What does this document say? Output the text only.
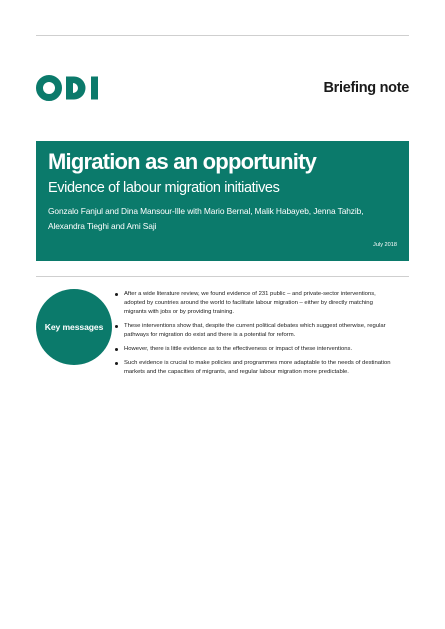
Briefing note
Migration as an opportunity
Evidence of labour migration initiatives
Gonzalo Fanjul and Dina Mansour-Ille with Mario Bernal, Malik Habayeb, Jenna Tahzib, Alexandra Tieghi and Ami Saji
July 2018
Key messages
After a wide literature review, we found evidence of 231 public – and private-sector interventions, adopted by countries around the world to facilitate labour migration – either by directly matching migrants with jobs or by providing training.
These interventions show that, despite the current political debates which suggest otherwise, regular pathways for migration do exist and there is a potential for reform.
However, there is little evidence as to the effectiveness or impact of these interventions.
Such evidence is crucial to make policies and programmes more adaptable to the needs of destination markets and the capacities of migrants, and regular labour migration more predictable.
